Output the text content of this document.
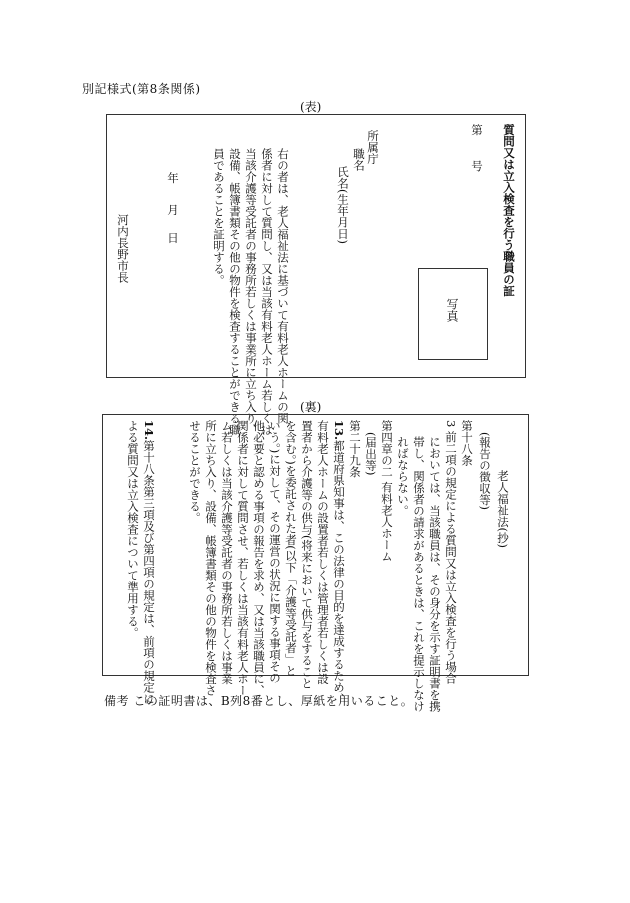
別記様式(第8条関係)
(表)
質問又は立入検査を行う職員の証
第
号
所属庁
職名
氏名(生年月日)
右の者は、老人福祉法に基づいて有料老人ホームの関
係者に対して質問し、又は当該有料老人ホーム若しくは
当該介護等受託者の事務所若しくは事業所に立ち入り、
設備、帳簿書類その他の物件を検査することができる職
員であることを証明する。
年
月
日
河内長野市長
写真
(裏)
老人福祉法(抄)
(報告の徴収等)
第十八条
3 前二項の規定による質問又は立入検査を行う場合
においては、当該職員は、その身分を示す証明書を携
帯し、関係者の請求があるときは、これを提示しなけ
ればならない。
第四章の二 有料老人ホーム
(届出等)
第二十九条
13.
都道府県知事は、この法律の目的を達成するため、
有料老人ホームの設置者若しくは管理者若しくは設
置者から介護等の供与(将来において供与をすること
を含む。)を委託された者(以下「介護等受託者」と
いう。)に対して、その運営の状況に関する事項その
他必要と認める事項の報告を求め、又は当該職員に、
関係者に対して質問させ、若しくは当該有料老人ホー
ム若しくは当該介護等受託者の事務所若しくは事業
所に立ち入り、設備、帳簿書類その他の物件を検査さ
せることができる。
14.
第十八条第三項及び第四項の規定は、前項の規定に
よる質問又は立入検査について準用する。
備考 この証明書は、B列8番とし、厚紙を用いること。
